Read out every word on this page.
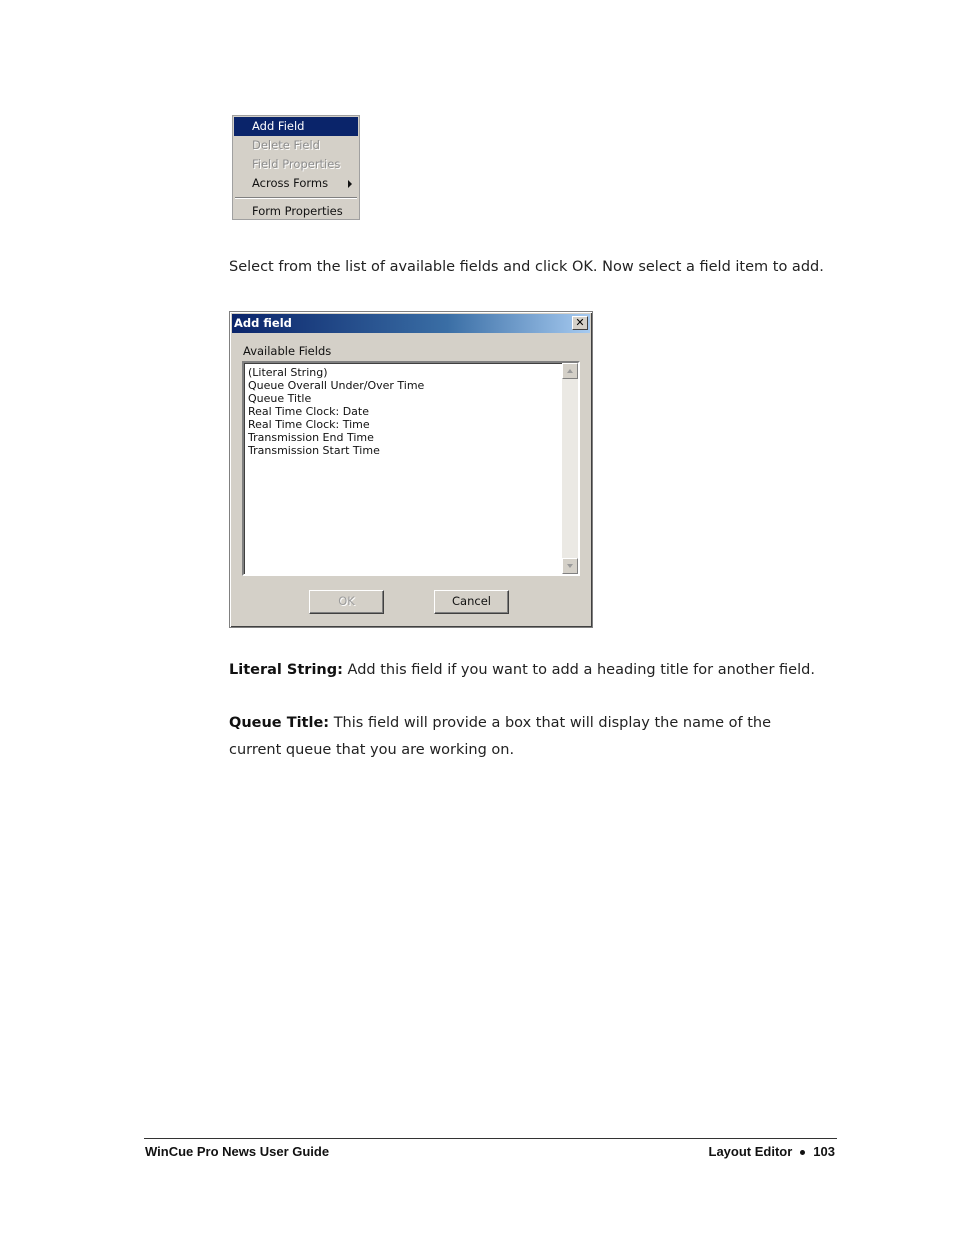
Add Field
Delete Field
Field Properties
Across Forms
Form Properties

Select from the list of available fields and click OK. Now select a field item to add.

Add field	✕
Available Fields
(Literal String)
Queue Overall Under/Over Time
Queue Title
Real Time Clock: Date
Real Time Clock: Time
Transmission End Time
Transmission Start Time
OK	Cancel

Literal String: Add this field if you want to add a heading title for another field.

Queue Title: This field will provide a box that will display the name of the current queue that you are working on.

WinCue Pro News User Guide	Layout Editor 103
